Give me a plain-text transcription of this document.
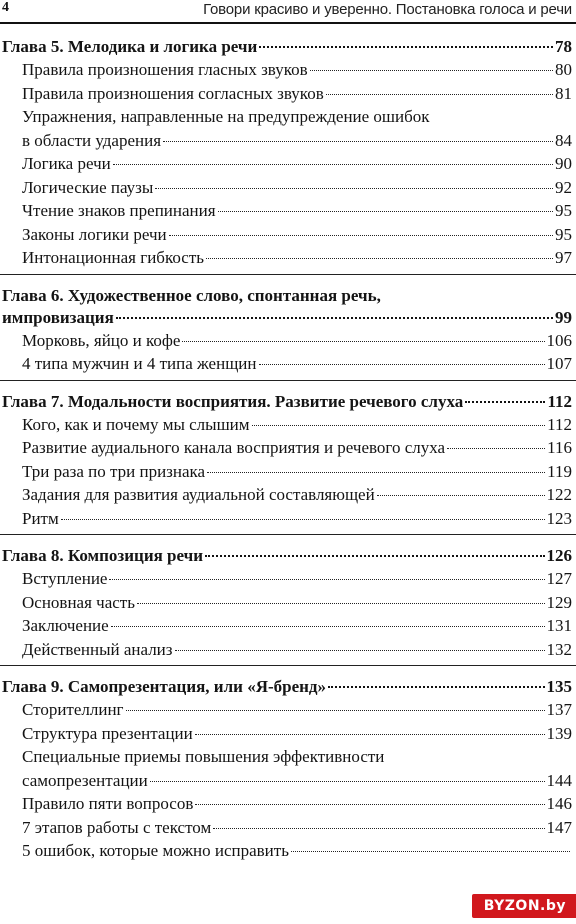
4	Говори красиво и уверенно. Постановка голоса и речи
Глава 5. Мелодика и логика речи	78
Правила произношения гласных звуков	80
Правила произношения согласных звуков	81
Упражнения, направленные на предупреждение ошибок
в области ударения	84
Логика речи	90
Логические паузы	92
Чтение знаков препинания	95
Законы логики речи	95
Интонационная гибкость	97
Глава 6. Художественное слово, спонтанная речь,
импровизация	99
Морковь, яйцо и кофе	106
4 типа мужчин и 4 типа женщин	107
Глава 7. Модальности восприятия. Развитие речевого слуха	112
Кого, как и почему мы слышим	112
Развитие аудиального канала восприятия и речевого слуха	116
Три раза по три признака	119
Задания для развития аудиальной составляющей	122
Ритм	123
Глава 8. Композиция речи	126
Вступление	127
Основная часть	129
Заключение	131
Действенный анализ	132
Глава 9. Самопрезентация, или «Я-бренд»	135
Сторителлинг	137
Структура презентации	139
Специальные приемы повышения эффективности
самопрезентации	144
Правило пяти вопросов	146
7 этапов работы с текстом	147
5 ошибок, которые можно исправить
BYZON.by
